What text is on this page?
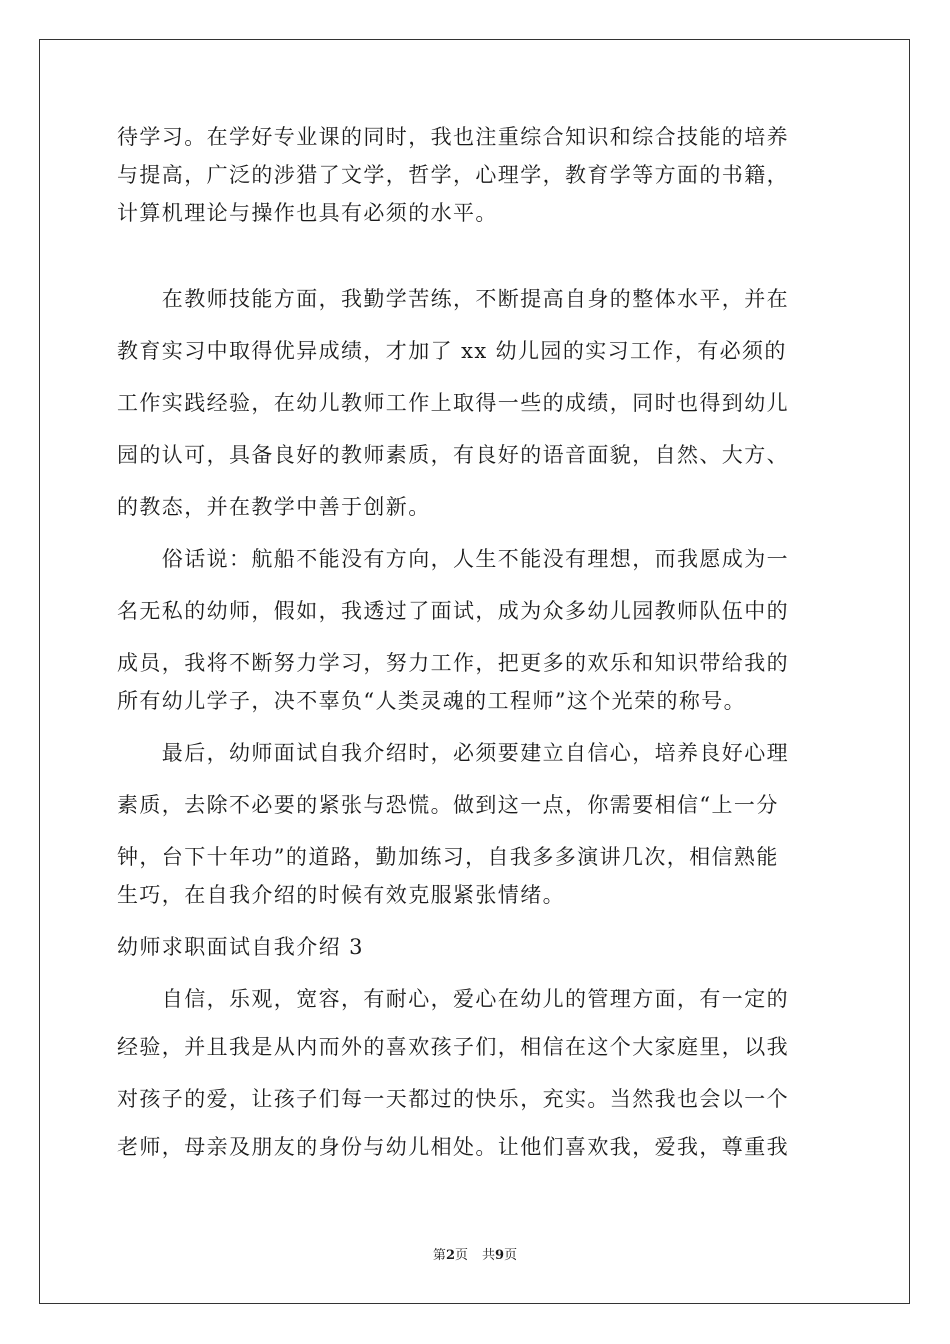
待学习。在学好专业课的同时，我也注重综合知识和综合技能的培养
与提高，广泛的涉猎了文学，哲学，心理学，教育学等方面的书籍，
计算机理论与操作也具有必须的水平。
　　在教师技能方面，我勤学苦练，不断提高自身的整体水平，并在
教育实习中取得优异成绩，才加了 xx 幼儿园的实习工作，有必须的
工作实践经验，在幼儿教师工作上取得一些的成绩，同时也得到幼儿
园的认可，具备良好的教师素质，有良好的语音面貌，自然、大方、
的教态，并在教学中善于创新。
　　俗话说：航船不能没有方向，人生不能没有理想，而我愿成为一
名无私的幼师，假如，我透过了面试，成为众多幼儿园教师队伍中的
成员，我将不断努力学习，努力工作，把更多的欢乐和知识带给我的
所有幼儿学子，决不辜负“人类灵魂的工程师”这个光荣的称号。
　　最后，幼师面试自我介绍时，必须要建立自信心，培养良好心理
素质，去除不必要的紧张与恐慌。做到这一点，你需要相信“上一分
钟，台下十年功”的道路，勤加练习，自我多多演讲几次，相信熟能
生巧，在自我介绍的时候有效克服紧张情绪。
幼师求职面试自我介绍 3
　　自信，乐观，宽容，有耐心，爱心在幼儿的管理方面，有一定的
经验，并且我是从内而外的喜欢孩子们，相信在这个大家庭里，以我
对孩子的爱，让孩子们每一天都过的快乐，充实。当然我也会以一个
老师，母亲及朋友的身份与幼儿相处。让他们喜欢我，爱我，尊重我
第2页 共9页
